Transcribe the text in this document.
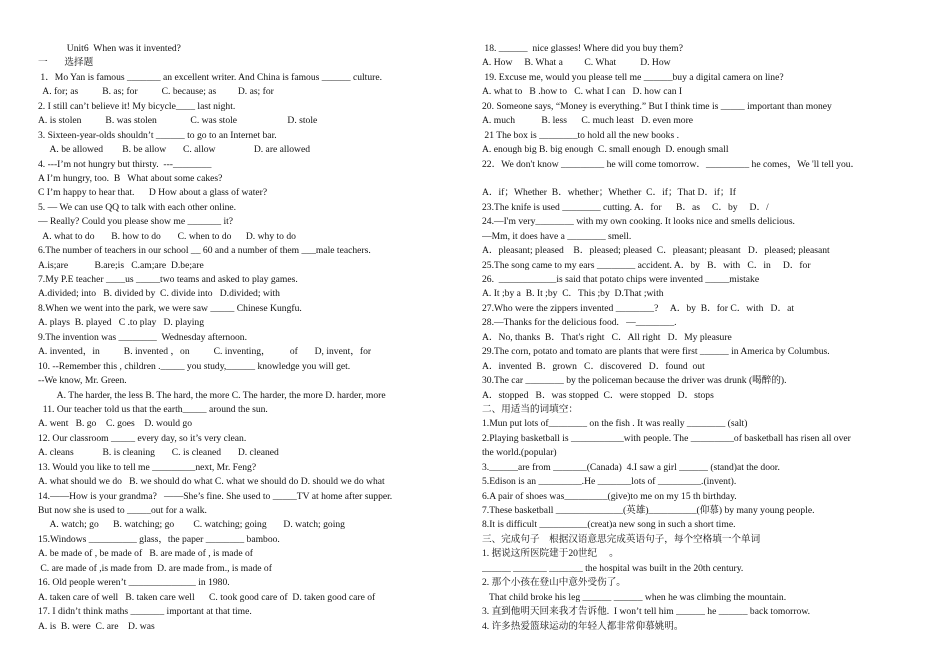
Unit6  When was it invented?
一       选择题
1．Mo Yan is famous _______ an excellent writer. And China is famous ______ culture.
A. for; as          B. as; for          C. because; as         D. as; for
2. I still can’t believe it! My bicycle____ last night.
A. is stolen          B. was stolen              C. was stole                     D. stole
3. Sixteen-year-olds shouldn’t ______ to go to an Internet bar.
A. be allowed        B. be allow       C. allow                D. are allowed
4. ---I’m not hungry but thirsty.  ---________
A I’m hungry, too.  B   What about some cakes?
C I’m happy to hear that.      D How about a glass of water?
5. — We can use QQ to talk with each other online.
— Really? Could you please show me _______ it?
A. what to do       B. how to do       C. when to do      D. why to do
6.The number of teachers in our school __ 60 and a number of them ___male teachers.
A.is;are           B.are;is   C.am;are  D.be;are
7.My P.E teacher ____us _____two teams and asked to play games.
A.divided; into   B. divided by  C. divide into   D.divided; with
8.When we went into the park, we were saw _____ Chinese Kungfu.
A. plays  B. played   C .to play   D. playing
9.The invention was ________  Wednesday afternoon.
A. invented，in          B. invented ，on          C. inventing，        of       D, invent，for
10. --Remember this , children ._____ you study,______ knowledge you will get.
--We know, Mr. Green.
A. The harder, the less B. The hard, the more C. The harder, the more D. harder, more
11. Our teacher told us that the earth_____ around the sun.
A. went   B. go    C. goes    D. would go
12. Our classroom _____ every day, so it’s very clean.
A. cleans            B. is cleaning       C. is cleaned       D. cleaned
13. Would you like to tell me _________next, Mr. Feng?
A. what should we do   B. we should do what C. what we should do D. should we do what
14.——How is your grandma?   ——She’s fine. She used to _____TV at home after supper.
But now she is used to _____out for a walk.
A. watch; go      B. watching; go        C. watching; going       D. watch; going
15.Windows __________ glass，the paper ________ bamboo.
A. be made of , be made of   B. are made of , is made of
C. are made of ,is made from  D. are made from., is made of
16. Old people weren’t ______________ in 1980.
A. taken care of well   B. taken care well      C. took good care of  D. taken good care of
17. I didn’t think maths _______ important at that time.
A. is  B. were  C. are    D. was
18. ______  nice glasses! Where did you buy them?
A. How     B. What a         C. What          D. How
19. Excuse me, would you please tell me ______buy a digital camera on line?
A. what to   B .how to   C. what I can   D. how can I
20. Someone says, “Money is everything.” But I think time is _____ important than money
A. much           B. less      C. much least   D. even more
21 The box is ________to hold all the new books .
A. enough big B. big enough  C. small enough  D. enough small
22．We don't know _________ he will come tomorrow．_________ he comes，We 'll tell you．
A．if；Whether  B．whether；Whether  C．if；That D．if；If
23.The knife is used ________ cutting. A．for      B．as     C．by     D．/
24.—I'm very________ with my own cooking. It looks nice and smells delicious.
—Mm, it does have a ________ smell.
A．pleasant; pleased    B．pleased; pleased  C．pleasant; pleasant   D．pleased; pleasant
25.The song came to my ears ________ accident. A．by   B．with   C．in     D．for
26.  ____________is said that potato chips were invented _____mistake
A. It ;by a  B. It ;by  C.   This ;by  D.That ;with
27.Who were the zippers invented ________?     A．by  B．for C．with   D．at
28.—Thanks for the delicious food.   —________.
A．No, thanks  B．That's right   C．All right   D．My pleasure
29.The corn, potato and tomato are plants that were first ______ in America by Columbus.
A．invented  B．grown   C．discovered   D．found  out
30.The car ________ by the policeman because the driver was drunk (喝醉的).
A．stopped   B．was stopped  C．were stopped   D．stops
二、用适当的词填空：
1.Mun put lots of________ on the fish . It was really ________ (salt)
2.Playing basketball is ___________with people. The _________of basketball has risen all over
the world.(popular)
3.______are from _______(Canada)  4.I saw a girl ______ (stand)at the door.
5.Edison is an _________.He _______lots of _________.(invent).
6.A pair of shoes was_________(give)to me on my 15 th birthday.
7.These basketball ______________(英雄)__________(仰慕) by many young people.
8.It is difficult __________(creat)a new song in such a short time.
三、完成句子    根据汉语意思完成英语句子，每个空格填一个单词
1. 据说这所医院建于20世纪     。
______ _______ _______ the hospital was built in the 20th century.
2. 那个小孩在登山中意外受伤了。
That child broke his leg ______ ______ when he was climbing the mountain.
3. 直到他明天回来我才告诉他.  I won’t tell him ______ he ______ back tomorrow.
4. 许多热爱篮球运动的年轻人都非常仰慕姚明。
